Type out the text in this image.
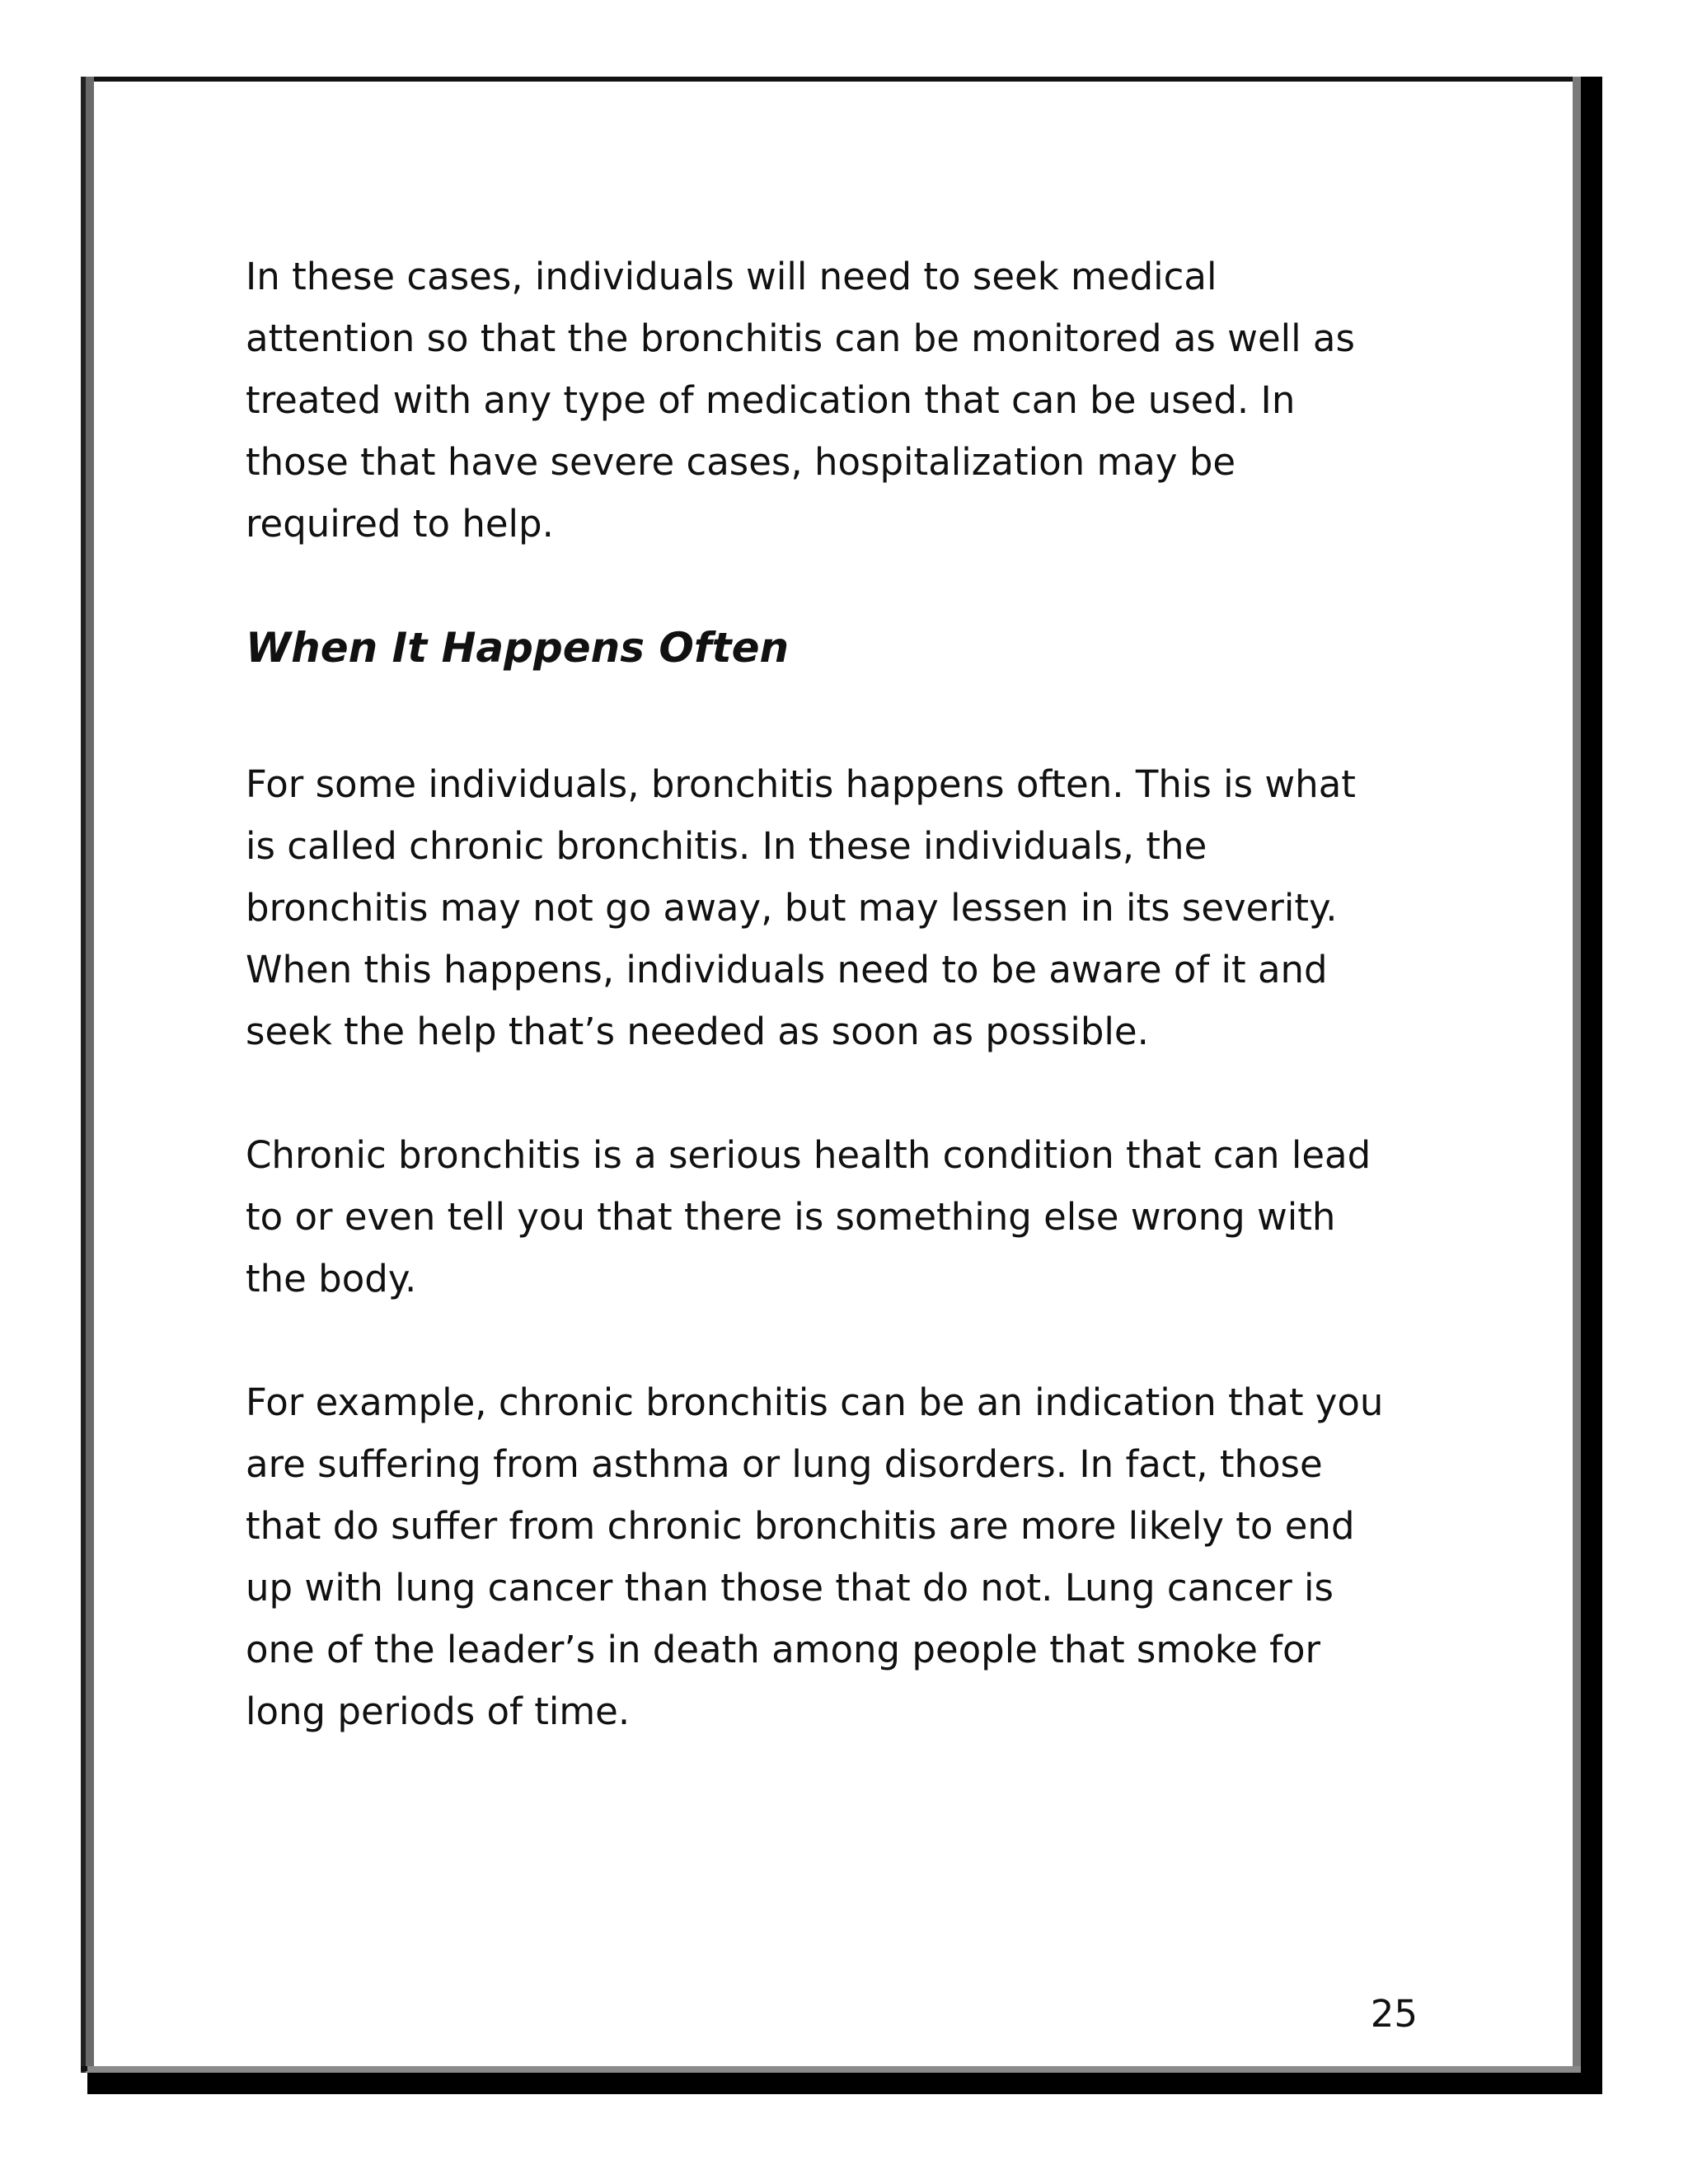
In these cases, individuals will need to seek medical
attention so that the bronchitis can be monitored as well as
treated with any type of medication that can be used. In
those that have severe cases, hospitalization may be
required to help.

When It Happens Often

For some individuals, bronchitis happens often. This is what
is called chronic bronchitis. In these individuals, the
bronchitis may not go away, but may lessen in its severity.
When this happens, individuals need to be aware of it and
seek the help that’s needed as soon as possible.

Chronic bronchitis is a serious health condition that can lead
to or even tell you that there is something else wrong with
the body.

For example, chronic bronchitis can be an indication that you
are suffering from asthma or lung disorders. In fact, those
that do suffer from chronic bronchitis are more likely to end
up with lung cancer than those that do not. Lung cancer is
one of the leader’s in death among people that smoke for
long periods of time.

25
